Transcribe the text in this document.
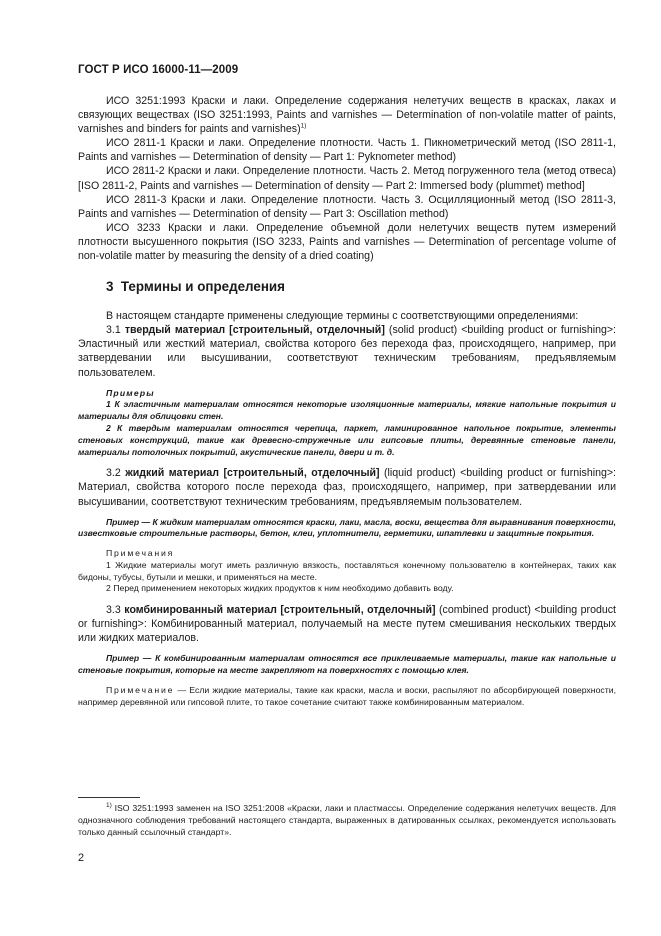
ГОСТ Р ИСО 16000-11—2009

ИСО 3251:1993 Краски и лаки. Определение содержания нелетучих веществ в красках, лаках и связующих веществах (ISO 3251:1993, Paints and varnishes — Determination of non-volatile matter of paints, varnishes and binders for paints and varnishes)$^{1)}$

ИСО 2811-1 Краски и лаки. Определение плотности. Часть 1. Пикнометрический метод (ISO 2811-1, Paints and varnishes — Determination of density — Part 1: Pyknometer method)

ИСО 2811-2 Краски и лаки. Определение плотности. Часть 2. Метод погруженного тела (метод отвеса) [ISO 2811-2, Paints and varnishes — Determination of density — Part 2: Immersed body (plummet) method]

ИСО 2811-3 Краски и лаки. Определение плотности. Часть 3. Осцилляционный метод (ISO 2811-3, Paints and varnishes — Determination of density — Part 3: Oscillation method)

ИСО 3233 Краски и лаки. Определение объемной доли нелетучих веществ путем измерений плотности высушенного покрытия (ISO 3233, Paints and varnishes — Determination of percentage volume of non-volatile matter by measuring the density of a dried coating)

3 Термины и определения

В настоящем стандарте применены следующие термины с соответствующими определениями:

3.1 твердый материал [строительный, отделочный] (solid product) <building product or furnishing>: Эластичный или жесткий материал, свойства которого без перехода фаз, происходящего, например, при затвердевании или высушивании, соответствуют техническим требованиям, предъявляемым пользователем.

Примеры

1 К эластичным материалам относятся некоторые изоляционные материалы, мягкие напольные покрытия и материалы для облицовки стен.

2 К твердым материалам относятся черепица, паркет, ламинированное напольное покрытие, элементы стеновых конструкций, такие как древесно-стружечные или гипсовые плиты, деревянные стеновые панели, материалы потолочных покрытий, акустические панели, двери и т. д.

3.2 жидкий материал [строительный, отделочный] (liquid product) <building product or furnishing>: Материал, свойства которого после перехода фаз, происходящего, например, при затвердевании или высушивании, соответствуют техническим требованиям, предъявляемым пользователем.

Пример — К жидким материалам относятся краски, лаки, масла, воски, вещества для выравнивания поверхности, известковые строительные растворы, бетон, клеи, уплотнители, герметики, шпатлевки и защитные покрытия.

Примечания

1 Жидкие материалы могут иметь различную вязкость, поставляться конечному пользователю в контейнерах, таких как бидоны, тубусы, бутыли и мешки, и применяться на месте.

2 Перед применением некоторых жидких продуктов к ним необходимо добавить воду.

3.3 комбинированный материал [строительный, отделочный] (combined product) <building product or furnishing>: Комбинированный материал, получаемый на месте путем смешивания нескольких твердых или жидких материалов.

Пример — К комбинированным материалам относятся все приклеиваемые материалы, такие как напольные и стеновые покрытия, которые на месте закрепляют на поверхностях с помощью клея.

Примечание — Если жидкие материалы, такие как краски, масла и воски, распыляют по абсорбирующей поверхности, например деревянной или гипсовой плите, то такое сочетание считают также комбинированным материалом.

$^{1)}$ ISO 3251:1993 заменен на ISO 3251:2008 «Краски, лаки и пластмассы. Определение содержания нелетучих веществ. Для однозначного соблюдения требований настоящего стандарта, выраженных в датированных ссылках, рекомендуется использовать только данный ссылочный стандарт».

2
